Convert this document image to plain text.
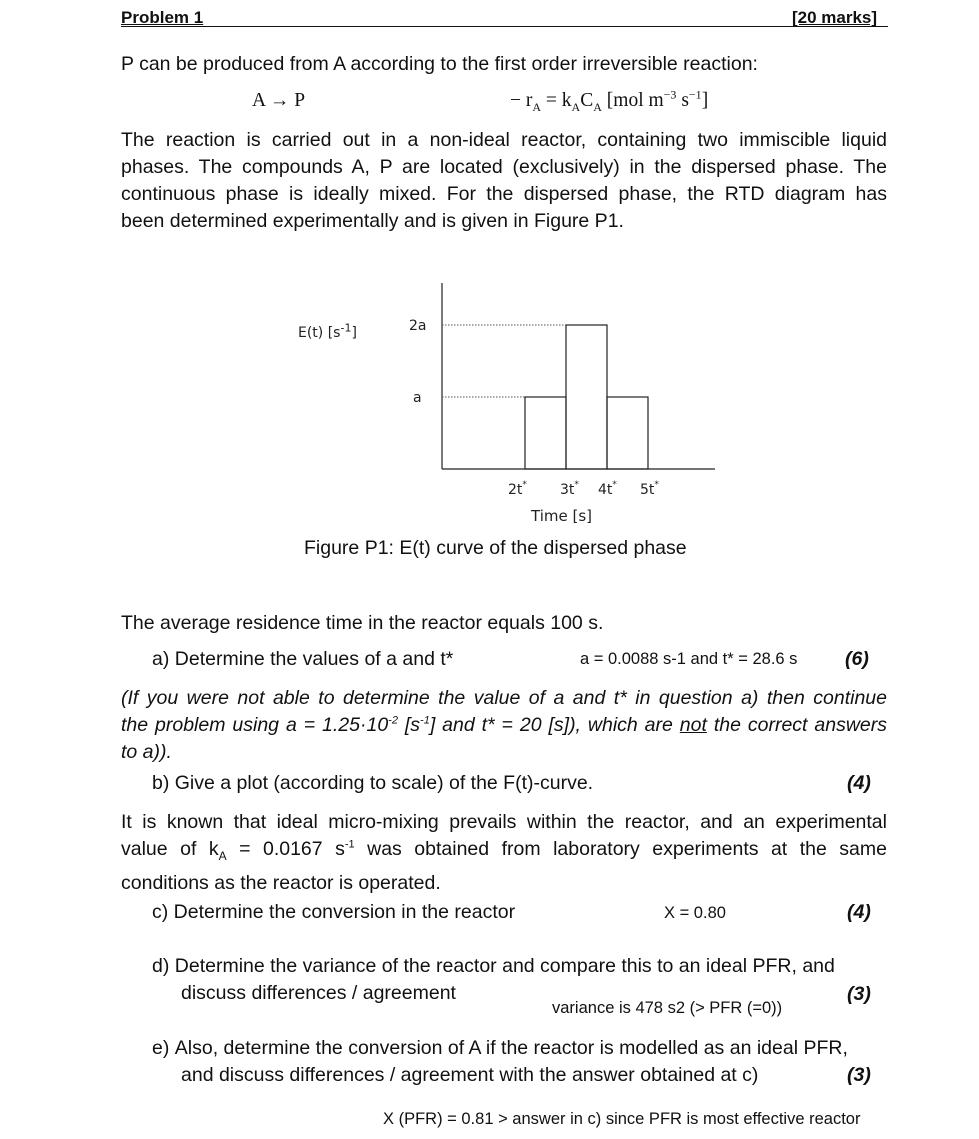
Problem 1	[20 marks]
P can be produced from A according to the first order irreversible reaction:
A → P	− $r_A = k_AC_A$ [mol $m^{-3}$ $s^{-1}$]
The reaction is carried out in a non-ideal reactor, containing two immiscible liquid
phases. The compounds A, P are located (exclusively) in the dispersed phase. The
continuous phase is ideally mixed. For the dispersed phase, the RTD diagram has
been determined experimentally and is given in Figure P1.
E(t) $[s^{-1}]$
a
2a
2t* 3t* 4t* 5t*
Time [s]
Figure P1: E(t) curve of the dispersed phase
The average residence time in the reactor equals 100 s.
a) Determine the values of a and t*	a = 0.0088 s-1 and t* = 28.6 s (6)
(If you were not able to determine the value of a and t* in question a) then continue
the problem using $a = 1.25\cdot 10^{-2}$ $[s^{-1}]$ and t* = 20 [s]), which are not the correct answers
to a)).
b) Give a plot (according to scale) of the F(t)-curve.	(4)
It is known that ideal micro-mixing prevails within the reactor, and an experimental
value of $k_A = 0.0167$ $s^{-1}$ was obtained from laboratory experiments at the same
conditions as the reactor is operated.
c) Determine the conversion in the reactor	X = 0.80	(4)
d) Determine the variance of the reactor and compare this to an ideal PFR, and
discuss differences / agreement	(3)
variance is 478 s2 (> PFR (=0))
e) Also, determine the conversion of A if the reactor is modelled as an ideal PFR,
and discuss differences / agreement with the answer obtained at c)	(3)
X (PFR) = 0.81 > answer in c) since PFR is most effective reactor
